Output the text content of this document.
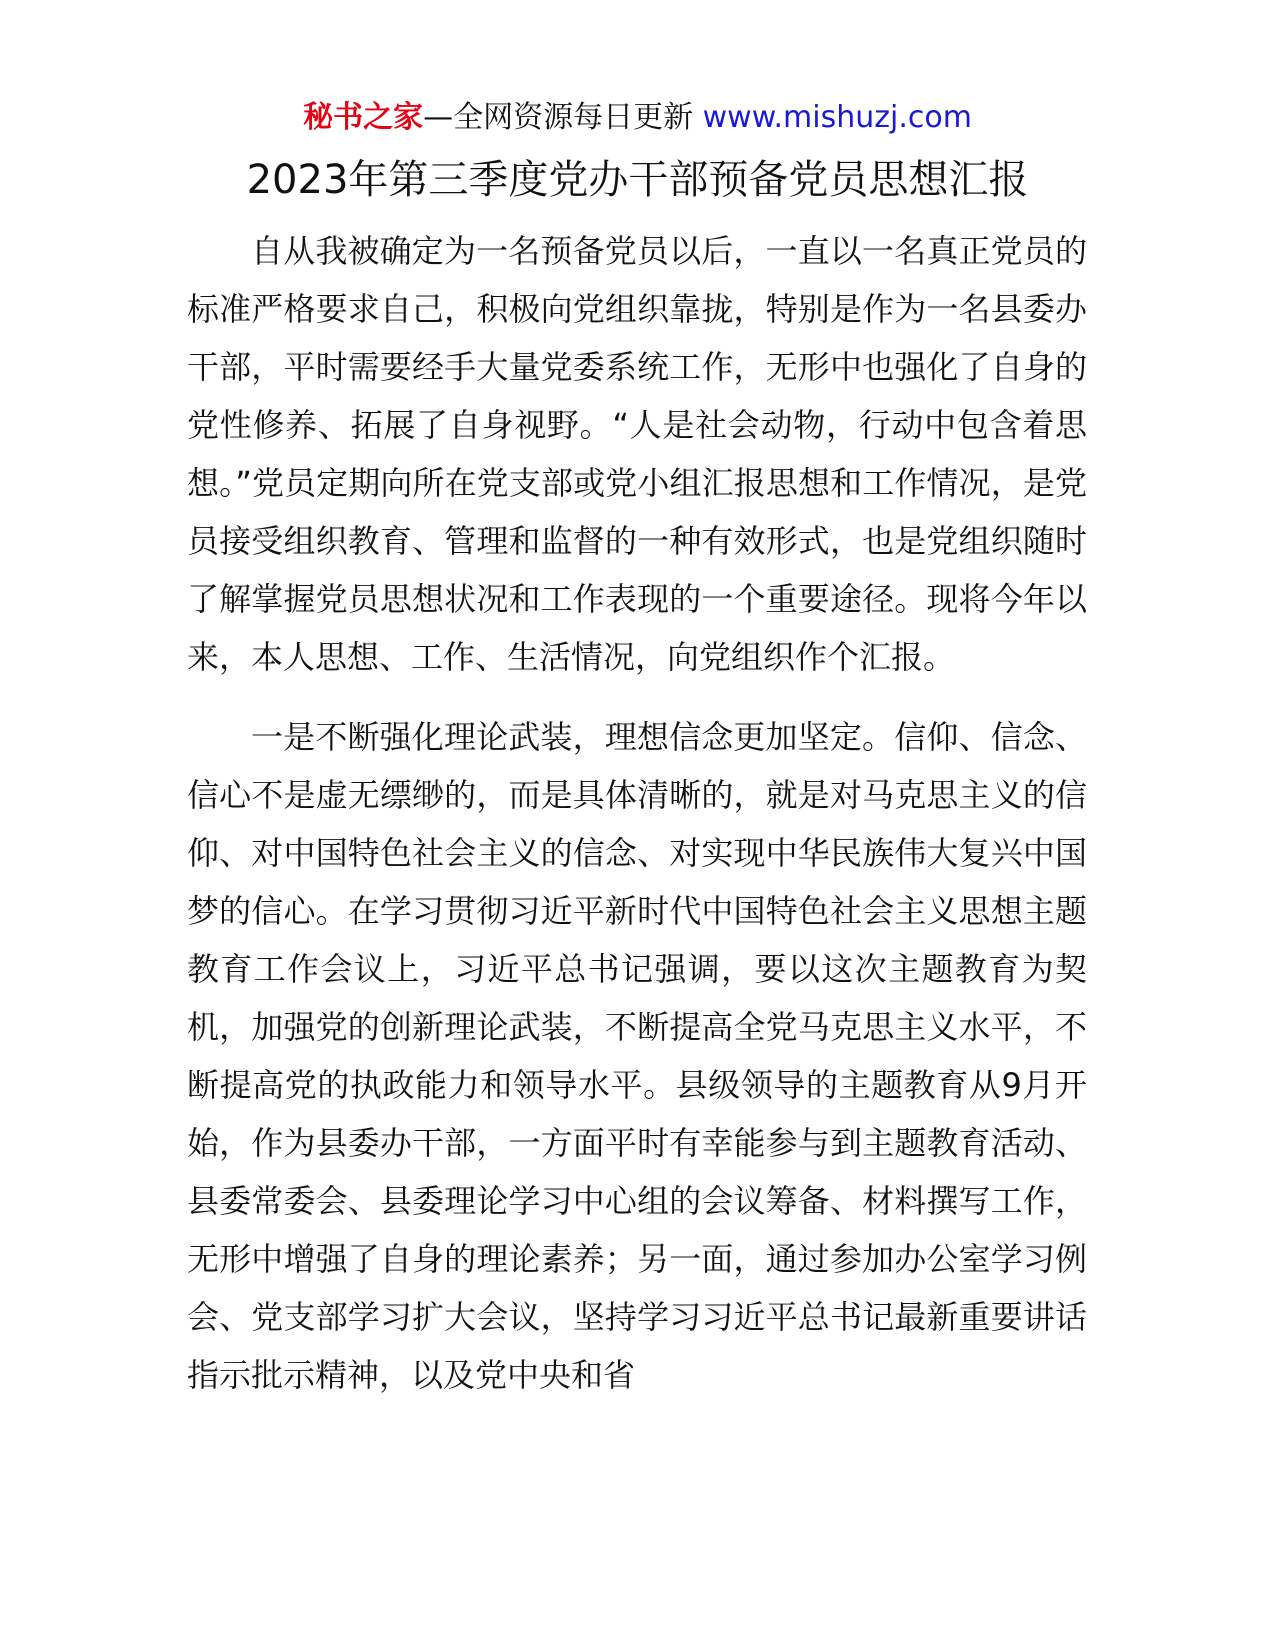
秘书之家—全网资源每日更新 www.mishuzj.com
2023年第三季度党办干部预备党员思想汇报

自从我被确定为一名预备党员以后，一直以一名真正党员的标准严格要求自己，积极向党组织靠拢，特别是作为一名县委办干部，平时需要经手大量党委系统工作，无形中也强化了自身的党性修养、拓展了自身视野。“人是社会动物，行动中包含着思想。”党员定期向所在党支部或党小组汇报思想和工作情况，是党员接受组织教育、管理和监督的一种有效形式，也是党组织随时了解掌握党员思想状况和工作表现的一个重要途径。现将今年以来，本人思想、工作、生活情况，向党组织作个汇报。

一是不断强化理论武装，理想信念更加坚定。信仰、信念、信心不是虚无缥缈的，而是具体清晰的，就是对马克思主义的信仰、对中国特色社会主义的信念、对实现中华民族伟大复兴中国梦的信心。在学习贯彻习近平新时代中国特色社会主义思想主题教育工作会议上，习近平总书记强调，要以这次主题教育为契机，加强党的创新理论武装，不断提高全党马克思主义水平，不断提高党的执政能力和领导水平。县级领导的主题教育从9月开始，作为县委办干部，一方面平时有幸能参与到主题教育活动、县委常委会、县委理论学习中心组的会议筹备、材料撰写工作，无形中增强了自身的理论素养；另一面，通过参加办公室学习例会、党支部学习扩大会议，坚持学习习近平总书记最新重要讲话指示批示精神，以及党中央和省
